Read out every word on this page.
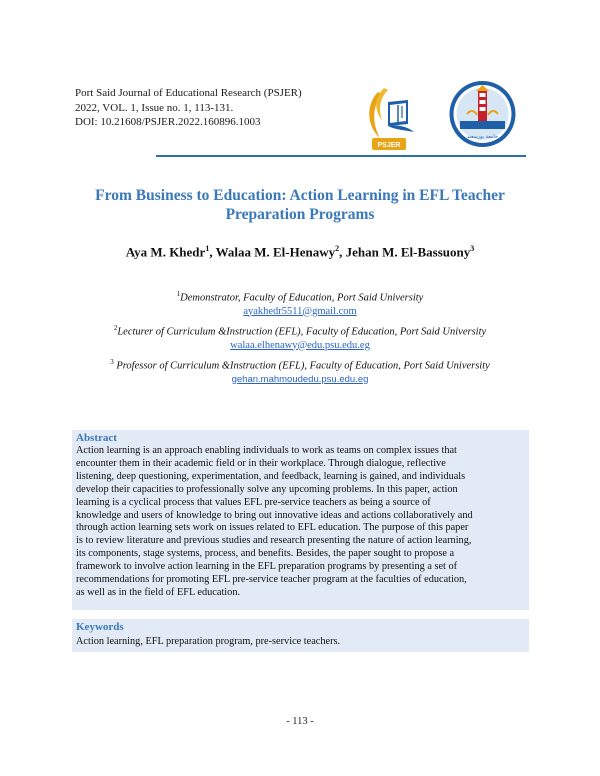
Port Said Journal of Educational Research (PSJER)
2022, VOL. 1, Issue no. 1, 113-131.
DOI: 10.21608/PSJER.2022.160896.1003
PSJER
جامعة بورسعيد
From Business to Education: Action Learning in EFL Teacher
Preparation Programs
Aya M. Khedr$^1$, Walaa M. El-Henawy$^2$, Jehan M. El-Bassuony$^3$
$^1$Demonstrator, Faculty of Education, Port Said University
ayakhedr5511@gmail.com
$^2$Lecturer of Curriculum &Instruction (EFL), Faculty of Education, Port Said University
walaa.elhenawy@edu.psu.edu.eg
$^3$ Professor of Curriculum &Instruction (EFL), Faculty of Education, Port Said University
gehan.mahmoudedu.psu.edu.eg
Abstract
Action learning is an approach enabling individuals to work as teams on complex issues that
encounter them in their academic field or in their workplace. Through dialogue, reflective
listening, deep questioning, experimentation, and feedback, learning is gained, and individuals
develop their capacities to professionally solve any upcoming problems. In this paper, action
learning is a cyclical process that values EFL pre-service teachers as being a source of
knowledge and users of knowledge to bring out innovative ideas and actions collaboratively and
through action learning sets work on issues related to EFL education. The purpose of this paper
is to review literature and previous studies and research presenting the nature of action learning,
its components, stage systems, process, and benefits. Besides, the paper sought to propose a
framework to involve action learning in the EFL preparation programs by presenting a set of
recommendations for promoting EFL pre-service teacher program at the faculties of education,
as well as in the field of EFL education.
Keywords
Action learning, EFL preparation program, pre-service teachers.
- 113 -
